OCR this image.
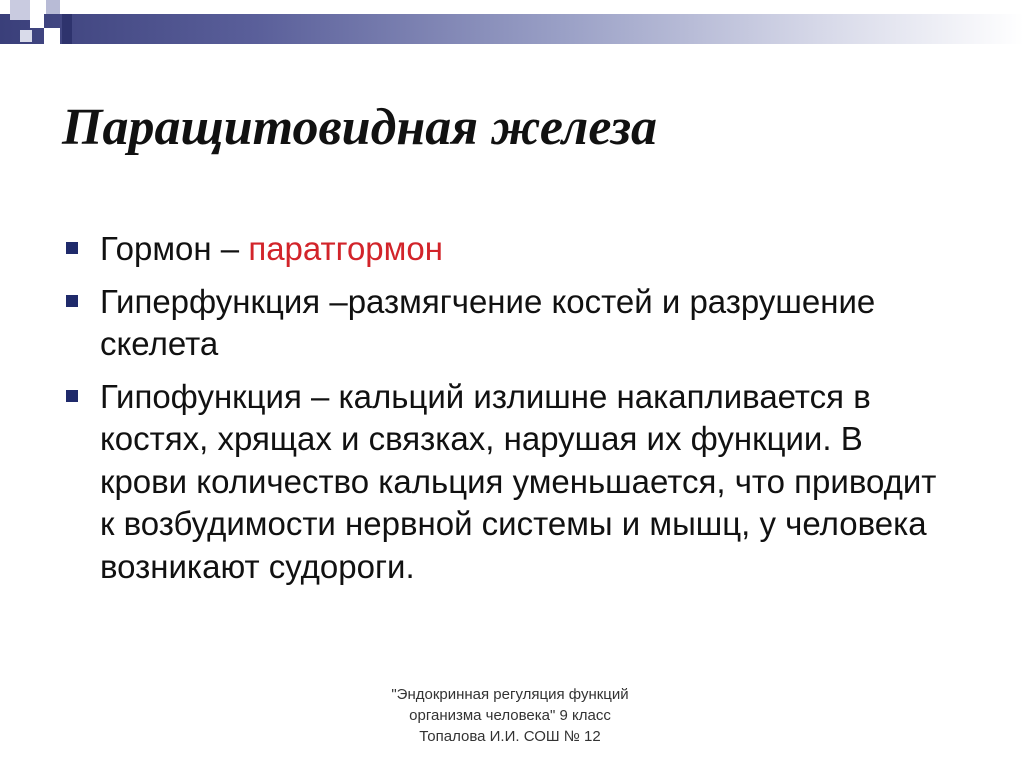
Паращитовидная железа
Гормон – паратгормон
Гиперфункция –размягчение костей и разрушение скелета
Гипофункция – кальций излишне накапливается в костях, хрящах и связках, нарушая их функции. В крови количество кальция уменьшается, что приводит к возбудимости нервной системы и мышц, у человека возникают судороги.
"Эндокринная регуляция функций
организма человека" 9 класс
Топалова И.И. СОШ № 12
